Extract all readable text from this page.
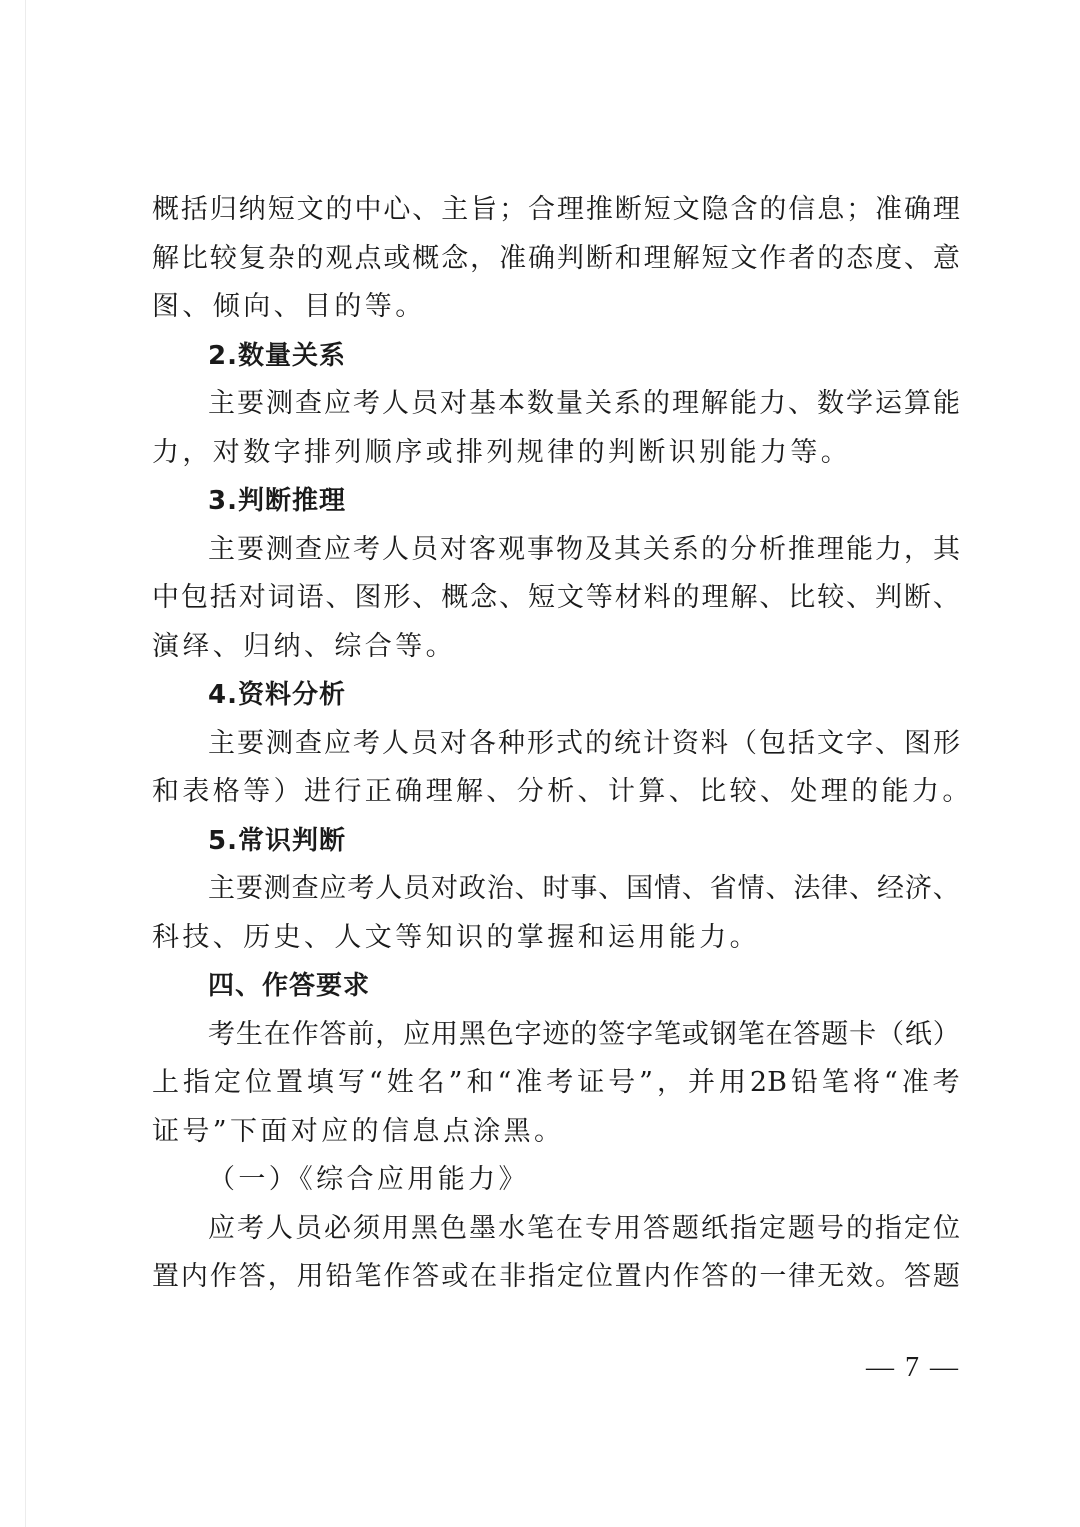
概 括 归 纳 短 文 的 中 心 、 主 旨 ； 合 理 推 断 短 文 隐 含 的 信 息 ； 准 确 理
解 比 较 复 杂 的 观 点 或 概 念 ， 准 确 判 断 和 理 解 短 文 作 者 的 态 度 、 意
图、倾向、目的等。
2.数量关系
主 要 测 查 应 考 人 员 对 基 本 数 量 关 系 的 理 解 能 力 、 数 学 运 算 能
力，对数字排列顺序或排列规律的判断识别能力等。
3.判断推理
主 要 测 查 应 考 人 员 对 客 观 事 物 及 其 关 系 的 分 析 推 理 能 力 ， 其
中 包 括 对 词 语 、 图 形 、 概 念 、 短 文 等 材 料 的 理 解 、 比 较 、 判 断 、
演绎、归纳、综合等。
4.资料分析
主 要 测 查 应 考 人 员 对 各 种 形 式 的 统 计 资 料 （ 包 括 文 字 、 图 形
和表格等）进行正确理解、分析、计算、比较、处理的能力。
5.常识判断
主 要 测 查 应 考 人 员 对 政 治 、 时 事 、 国 情 、 省 情 、 法 律 、 经 济 、
科技、历史、人文等知识的掌握和运用能力。
四、作答要求
考 生 在 作 答 前 ， 应 用 黑 色 字 迹 的 签 字 笔 或 钢 笔 在 答 题 卡 （ 纸 ）
上 指 定 位 置 填 写 “ 姓 名 ” 和 “ 准 考 证 号 ” ， 并 用 2B 铅 笔 将 “ 准 考
证号”下面对应的信息点涂黑。
（一）《综合应用能力》
应 考 人 员 必 须 用 黑 色 墨 水 笔 在 专 用 答 题 纸 指 定 题 号 的 指 定 位
置 内 作 答 ， 用 铅 笔 作 答 或 在 非 指 定 位 置 内 作 答 的 一 律 无 效 。 答 题
— 7 —
